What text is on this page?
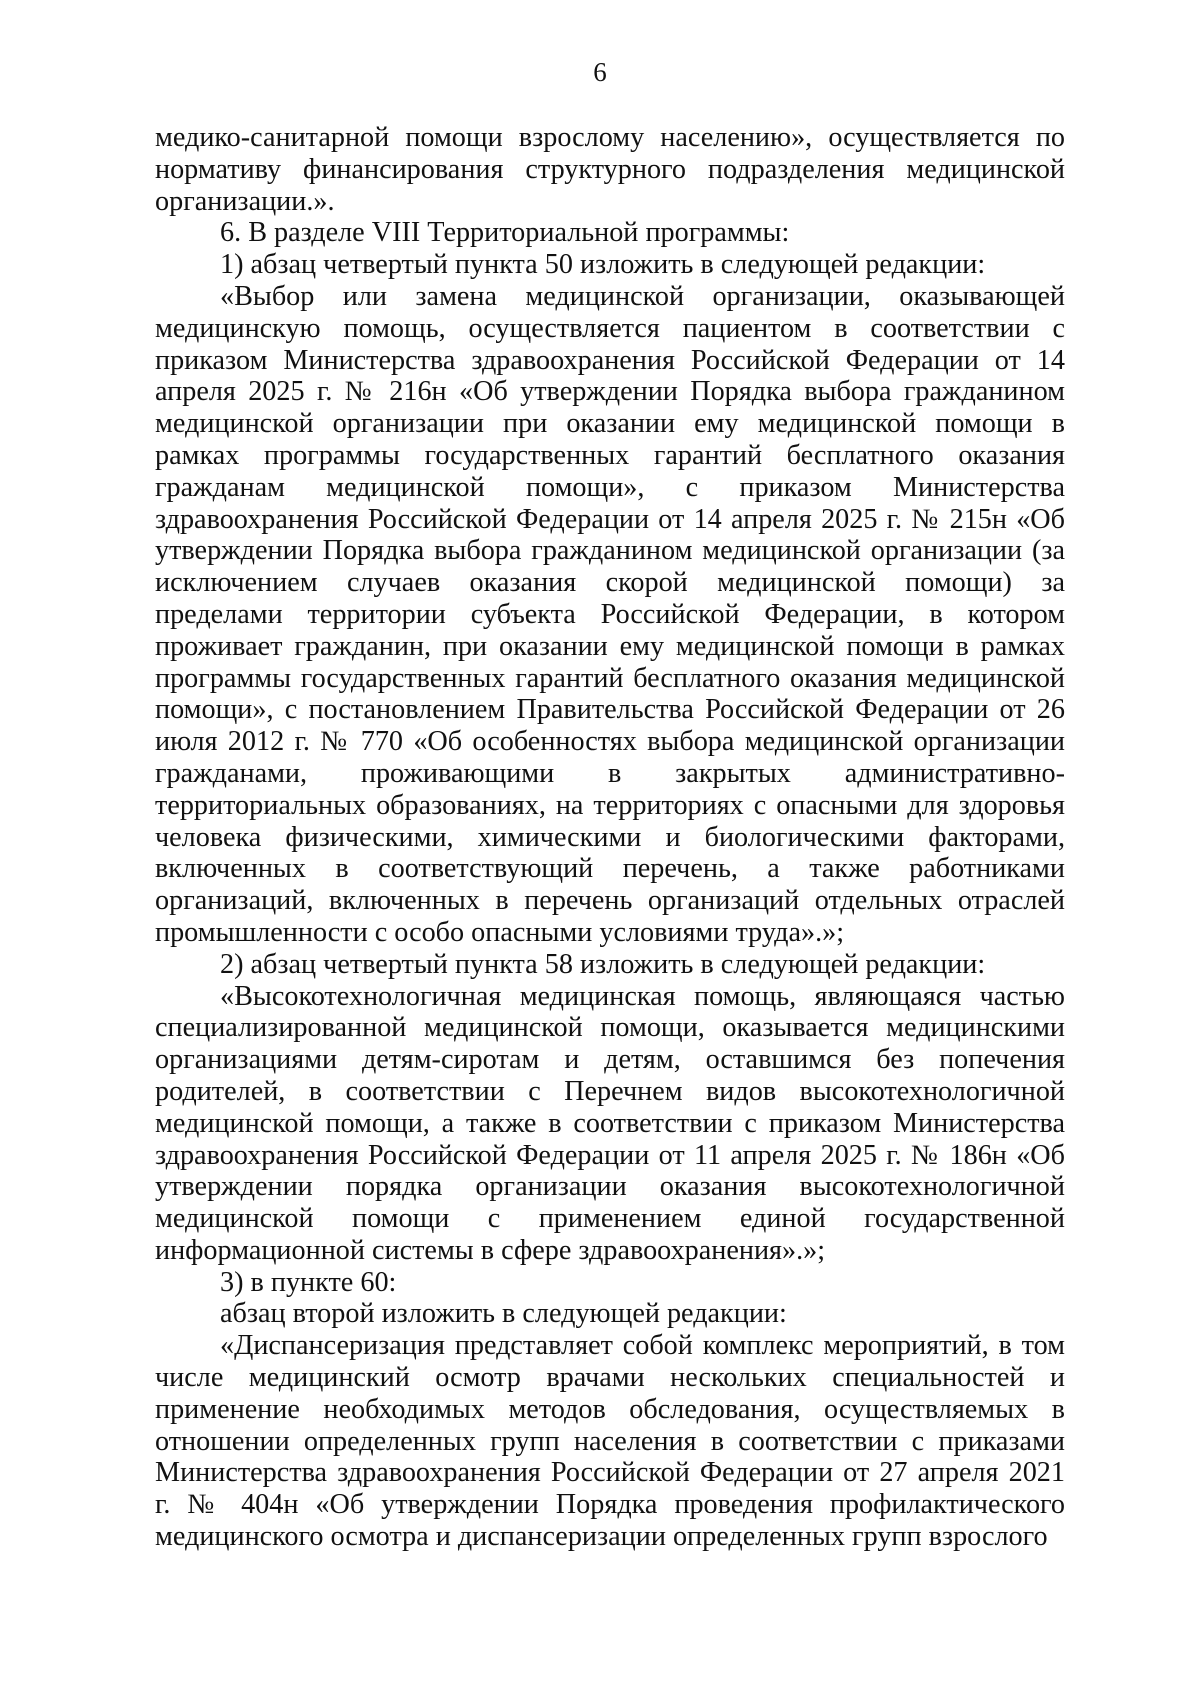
6

медико-санитарной помощи взрослому населению», осуществляется по нормативу финансирования структурного подразделения медицинской организации.».

6. В разделе VIII Территориальной программы:

1) абзац четвертый пункта 50 изложить в следующей редакции:

«Выбор или замена медицинской организации, оказывающей медицинскую помощь, осуществляется пациентом в соответствии с приказом Министерства здравоохранения Российской Федерации от 14 апреля 2025 г. № 216н «Об утверждении Порядка выбора гражданином медицинской организации при оказании ему медицинской помощи в рамках программы государственных гарантий бесплатного оказания гражданам медицинской помощи», с приказом Министерства здравоохранения Российской Федерации от 14 апреля 2025 г. № 215н «Об утверждении Порядка выбора гражданином медицинской организации (за исключением случаев оказания скорой медицинской помощи) за пределами территории субъекта Российской Федерации, в котором проживает гражданин, при оказании ему медицинской помощи в рамках программы государственных гарантий бесплатного оказания медицинской помощи», с постановлением Правительства Российской Федерации от 26 июля 2012 г. № 770 «Об особенностях выбора медицинской организации гражданами, проживающими в закрытых административно-территориальных образованиях, на территориях с опасными для здоровья человека физическими, химическими и биологическими факторами, включенных в соответствующий перечень, а также работниками организаций, включенных в перечень организаций отдельных отраслей промышленности с особо опасными условиями труда».»;

2) абзац четвертый пункта 58 изложить в следующей редакции:

«Высокотехнологичная медицинская помощь, являющаяся частью специализированной медицинской помощи, оказывается медицинскими организациями детям-сиротам и детям, оставшимся без попечения родителей, в соответствии с Перечнем видов высокотехнологичной медицинской помощи, а также в соответствии с приказом Министерства здравоохранения Российской Федерации от 11 апреля 2025 г. № 186н «Об утверждении порядка организации оказания высокотехнологичной медицинской помощи с применением единой государственной информационной системы в сфере здравоохранения».»;

3) в пункте 60:

абзац второй изложить в следующей редакции:

«Диспансеризация представляет собой комплекс мероприятий, в том числе медицинский осмотр врачами нескольких специальностей и применение необходимых методов обследования, осуществляемых в отношении определенных групп населения в соответствии с приказами Министерства здравоохранения Российской Федерации от 27 апреля 2021 г. № 404н «Об утверждении Порядка проведения профилактического медицинского осмотра и диспансеризации определенных групп взрослого
